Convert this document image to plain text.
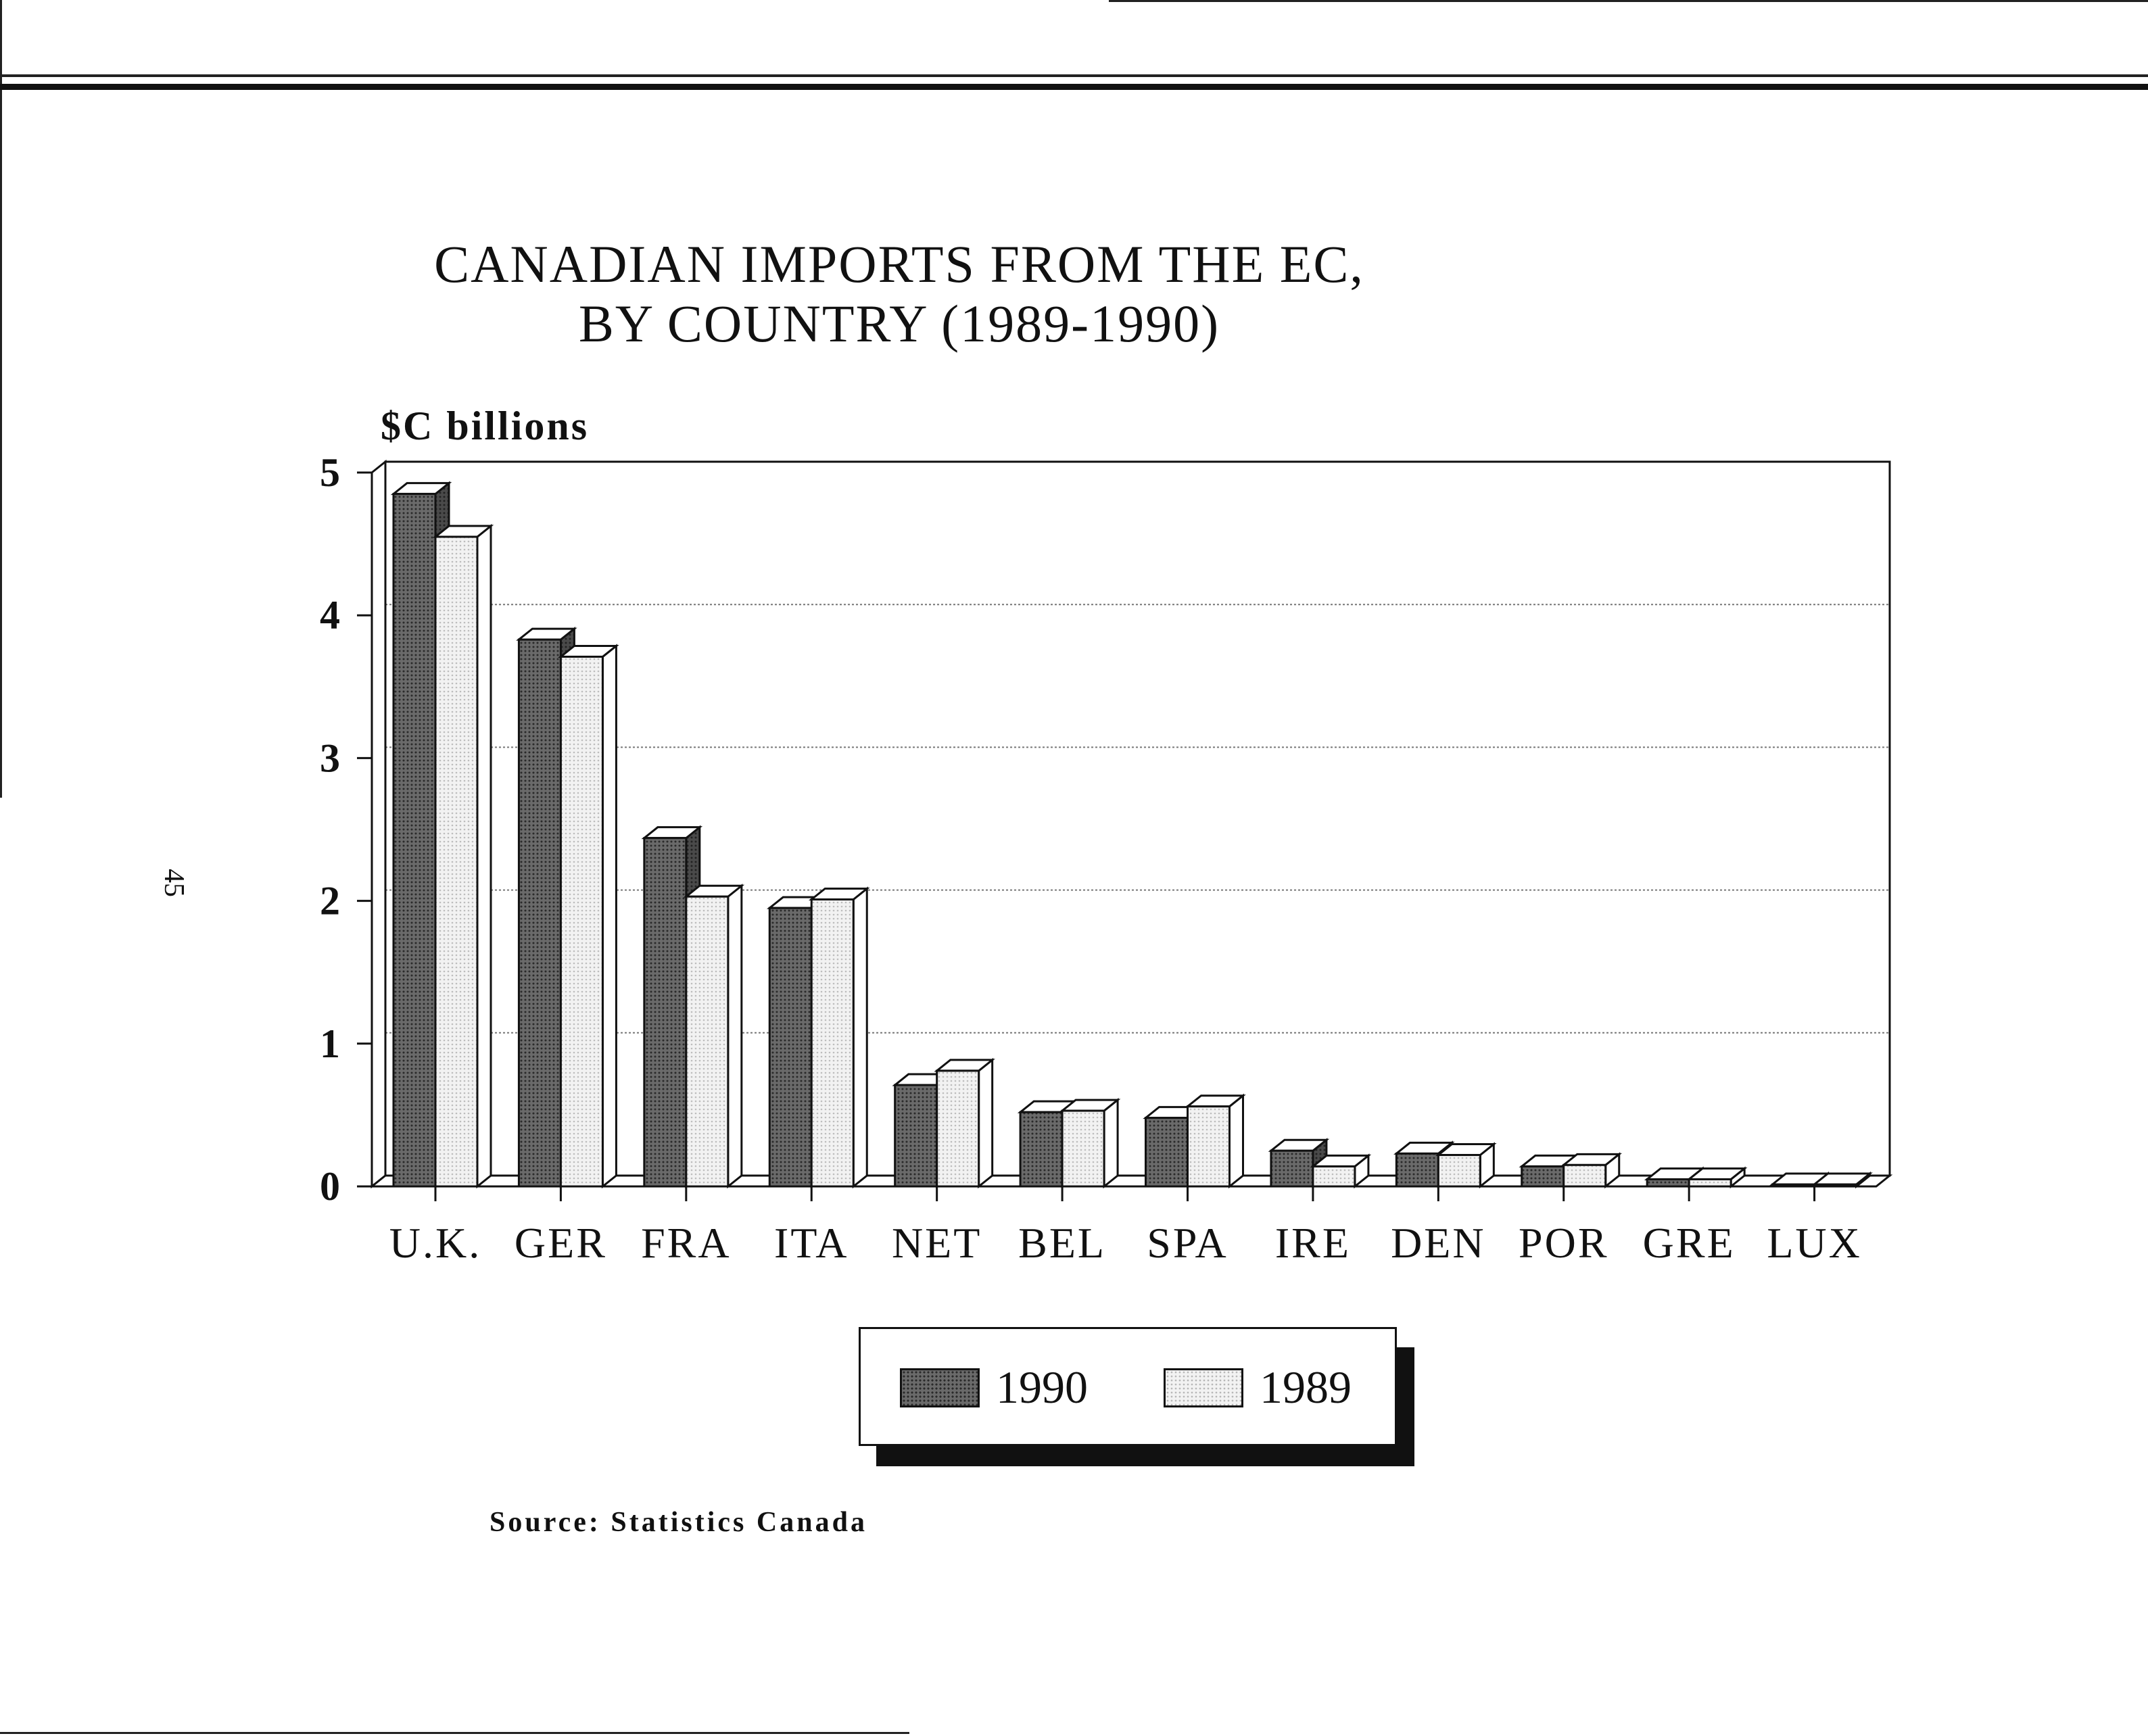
45
CANADIAN IMPORTS FROM THE EC,
BY COUNTRY (1989-1990)
$C billions
0
1
2
3
4
5
U.K. GER FRA ITA NET BEL SPA IRE DEN POR GRE LUX
1990	1989
Source: Statistics Canada
